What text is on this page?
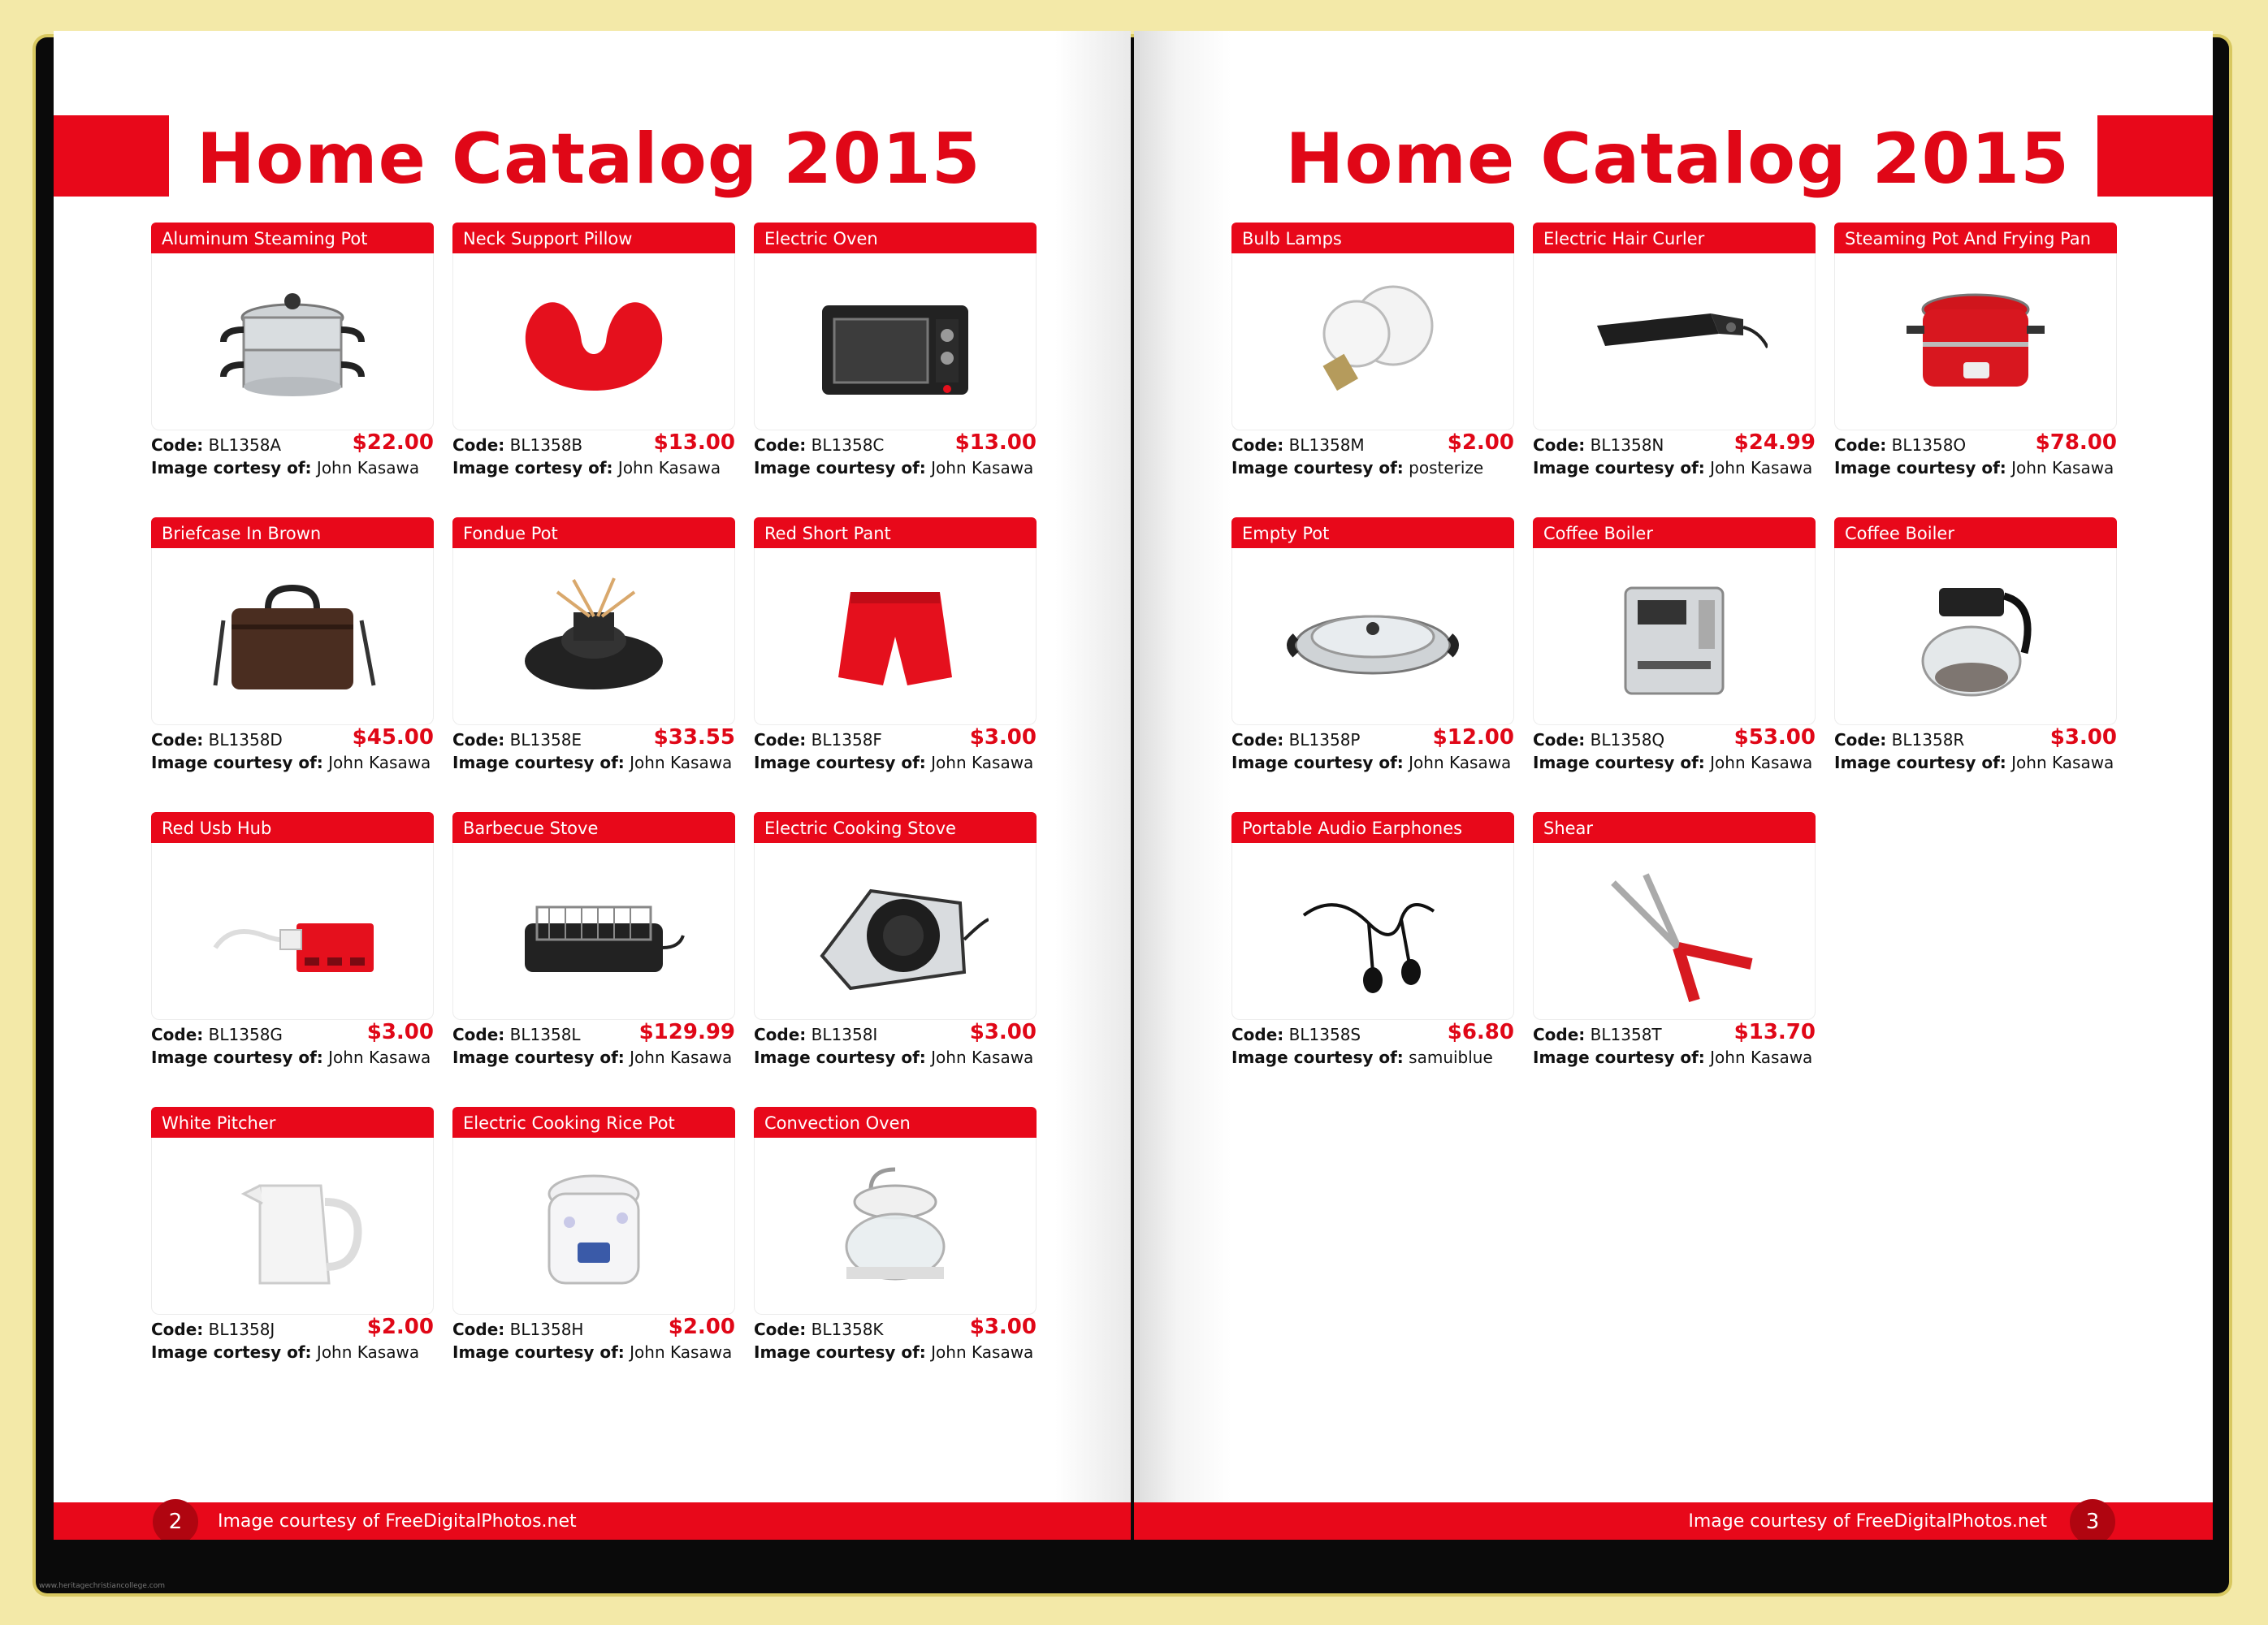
Home Catalog 2015
Aluminum Steaming Pot
Code: BL1358A	$22.00
Image cortesy of: John Kasawa
Neck Support Pillow
Code: BL1358B	$13.00
Image cortesy of: John Kasawa
Electric Oven
Code: BL1358C	$13.00
Image courtesy of: John Kasawa
Briefcase In Brown
Code: BL1358D	$45.00
Image courtesy of: John Kasawa
Fondue Pot
Code: BL1358E	$33.55
Image courtesy of: John Kasawa
Red Short Pant
Code: BL1358F	$3.00
Image courtesy of: John Kasawa
Red Usb Hub
Code: BL1358G	$3.00
Image courtesy of: John Kasawa
Barbecue Stove
Code: BL1358L	$129.99
Image courtesy of: John Kasawa
Electric Cooking Stove
Code: BL1358I	$3.00
Image courtesy of: John Kasawa
White Pitcher
Code: BL1358J	$2.00
Image cortesy of: John Kasawa
Electric Cooking Rice Pot
Code: BL1358H	$2.00
Image courtesy of: John Kasawa
Convection Oven
Code: BL1358K	$3.00
Image courtesy of: John Kasawa
2	Image courtesy of FreeDigitalPhotos.net
Home Catalog 2015
Bulb Lamps
Code: BL1358M	$2.00
Image courtesy of: posterize
Electric Hair Curler
Code: BL1358N	$24.99
Image courtesy of: John Kasawa
Steaming Pot And Frying Pan
Code: BL1358O	$78.00
Image courtesy of: John Kasawa
Empty Pot
Code: BL1358P	$12.00
Image courtesy of: John Kasawa
Coffee Boiler
Code: BL1358Q	$53.00
Image courtesy of: John Kasawa
Coffee Boiler
Code: BL1358R	$3.00
Image courtesy of: John Kasawa
Portable Audio Earphones
Code: BL1358S	$6.80
Image courtesy of: samuiblue
Shear
Code: BL1358T	$13.70
Image courtesy of: John Kasawa
Image courtesy of FreeDigitalPhotos.net	3
www.heritagechristiancollege.com
